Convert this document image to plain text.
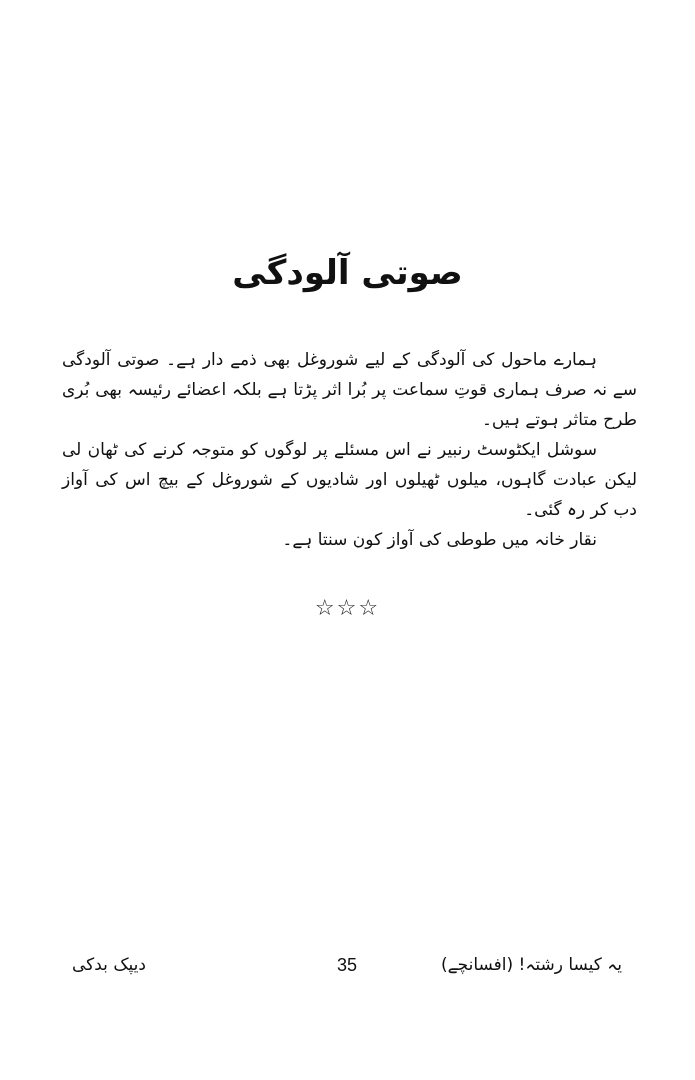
صوتی آلودگی

ہمارے ماحول کی آلودگی کے لیے شوروغل بھی ذمے دار ہے۔ صوتی آلودگی سے نہ صرف ہماری قوتِ سماعت پر بُرا اثر پڑتا ہے بلکہ اعضائے رئیسہ بھی بُری طرح متاثر ہوتے ہیں۔

سوشل ایکٹوسٹ رنبیر نے اس مسئلے پر لوگوں کو متوجہ کرنے کی ٹھان لی لیکن عبادت گاہوں، میلوں ٹھیلوں اور شادیوں کے شوروغل کے بیچ اس کی آواز دب کر رہ گئی۔

نقار خانہ میں طوطی کی آواز کون سنتا ہے۔

☆☆☆
دیپک بدکی	35	یہ کیسا رشتہ! (افسانچے)
